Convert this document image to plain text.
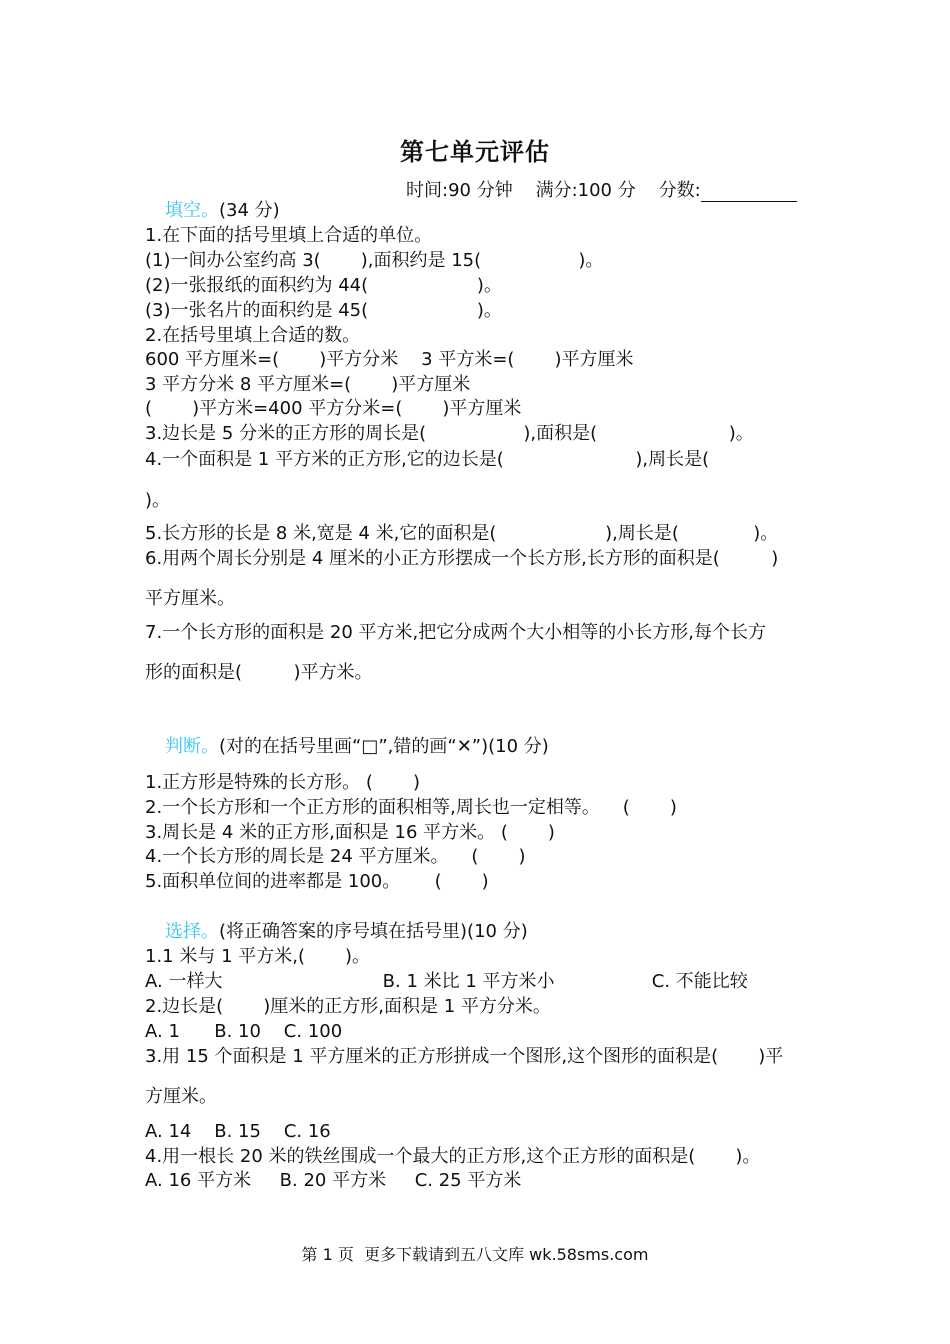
第七单元评估
时间:90 分钟 满分:100 分 分数:
填空。(34 分)
1.在下面的括号里填上合适的单位。
(1)一间办公室约高 3(       ),面积约是 15(                 )。
(2)一张报纸的面积约为 44(                   )。
(3)一张名片的面积约是 45(                   )。
2.在括号里填上合适的数。
600 平方厘米=(       )平方分米    3 平方米=(       )平方厘米
3 平方分米 8 平方厘米=(       )平方厘米
(       )平方米=400 平方分米=(       )平方厘米
3.边长是 5 分米的正方形的周长是(                 ),面积是(                       )。
4.一个面积是 1 平方米的正方形,它的边长是(                       ),周长是(
)。
5.长方形的长是 8 米,宽是 4 米,它的面积是(                   ),周长是(             )。
6.用两个周长分别是 4 厘米的小正方形摆成一个长方形,长方形的面积是(         )
平方厘米。
7.一个长方形的面积是 20 平方米,把它分成两个大小相等的小长方形,每个长方
形的面积是(         )平方米。
判断。(对的在括号里画“□”,错的画“✕”)(10 分)
1.正方形是特殊的长方形。 (       )
2.一个长方形和一个正方形的面积相等,周长也一定相等。    (       )
3.周长是 4 米的正方形,面积是 16 平方米。 (       )
4.一个长方形的周长是 24 平方厘米。    (       )
5.面积单位间的进率都是 100。      (       )
选择。(将正确答案的序号填在括号里)(10 分)
1.1 米与 1 平方米,(       )。
A. 一样大                            B. 1 米比 1 平方米小                 C. 不能比较
2.边长是(       )厘米的正方形,面积是 1 平方分米。
A. 1      B. 10    C. 100
3.用 15 个面积是 1 平方厘米的正方形拼成一个图形,这个图形的面积是(       )平
方厘米。
A. 14    B. 15    C. 16
4.用一根长 20 米的铁丝围成一个最大的正方形,这个正方形的面积是(       )。
A. 16 平方米     B. 20 平方米     C. 25 平方米
第 1 页  更多下载请到五八文库 wk.58sms.com
